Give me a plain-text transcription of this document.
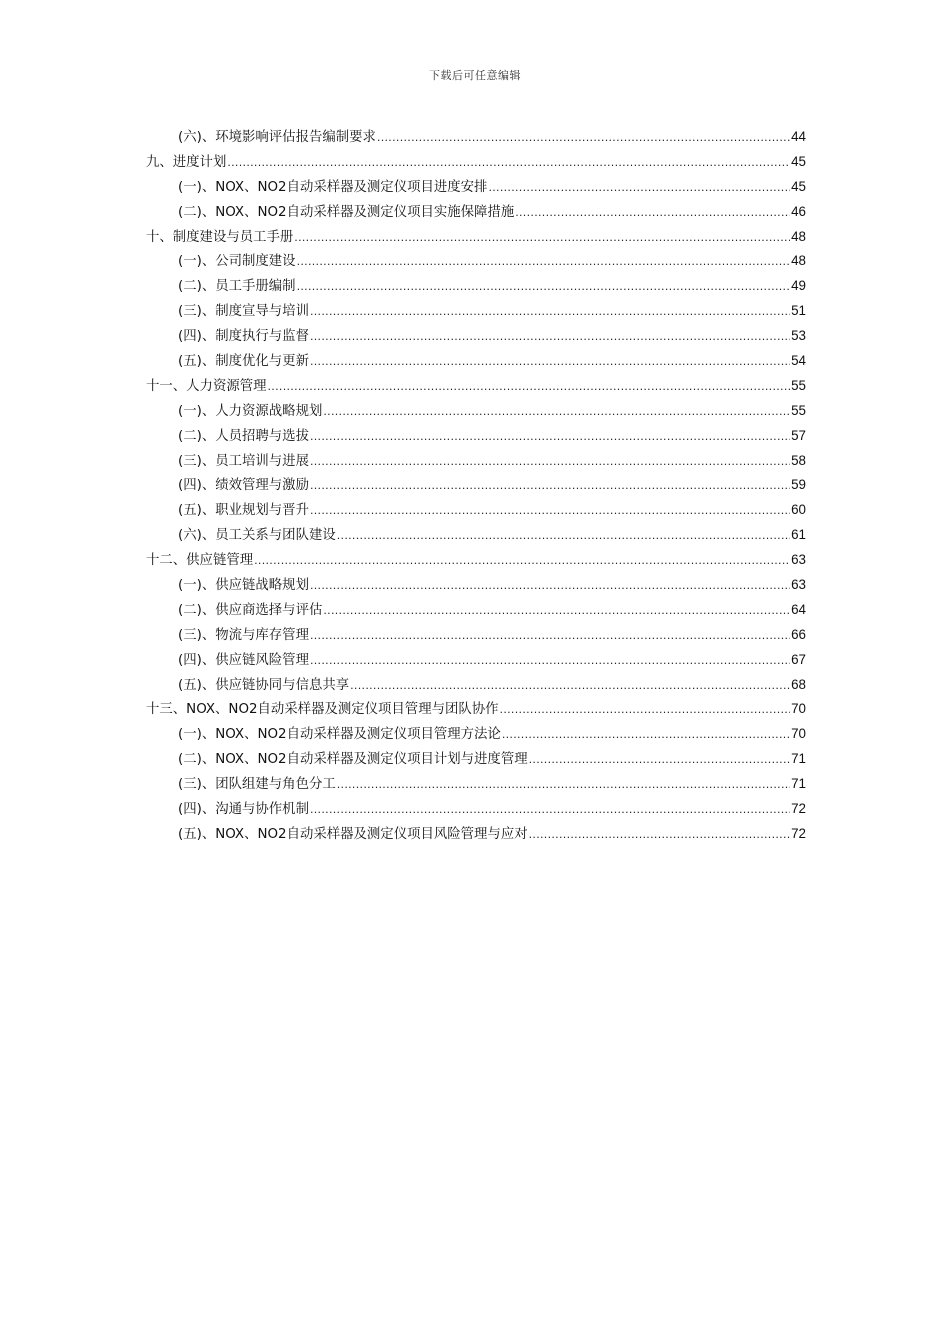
下载后可任意编辑
(六)、环境影响评估报告编制要求 .....	44
九、进度计划 .....	45
(一)、NOX、NO2自动采样器及测定仪项目进度安排 .....	45
(二)、NOX、NO2自动采样器及测定仪项目实施保障措施 .....	46
十、制度建设与员工手册 .....	48
(一)、公司制度建设 .....	48
(二)、员工手册编制 .....	49
(三)、制度宣导与培训 .....	51
(四)、制度执行与监督 .....	53
(五)、制度优化与更新 .....	54
十一、人力资源管理 .....	55
(一)、人力资源战略规划 .....	55
(二)、人员招聘与选拔 .....	57
(三)、员工培训与进展 .....	58
(四)、绩效管理与激励 .....	59
(五)、职业规划与晋升 .....	60
(六)、员工关系与团队建设 .....	61
十二、供应链管理 .....	63
(一)、供应链战略规划 .....	63
(二)、供应商选择与评估 .....	64
(三)、物流与库存管理 .....	66
(四)、供应链风险管理 .....	67
(五)、供应链协同与信息共享 .....	68
十三、NOX、NO2自动采样器及测定仪项目管理与团队协作 .....	70
(一)、NOX、NO2自动采样器及测定仪项目管理方法论 .....	70
(二)、NOX、NO2自动采样器及测定仪项目计划与进度管理 .....	71
(三)、团队组建与角色分工 .....	71
(四)、沟通与协作机制 .....	72
(五)、NOX、NO2自动采样器及测定仪项目风险管理与应对 .....	72
